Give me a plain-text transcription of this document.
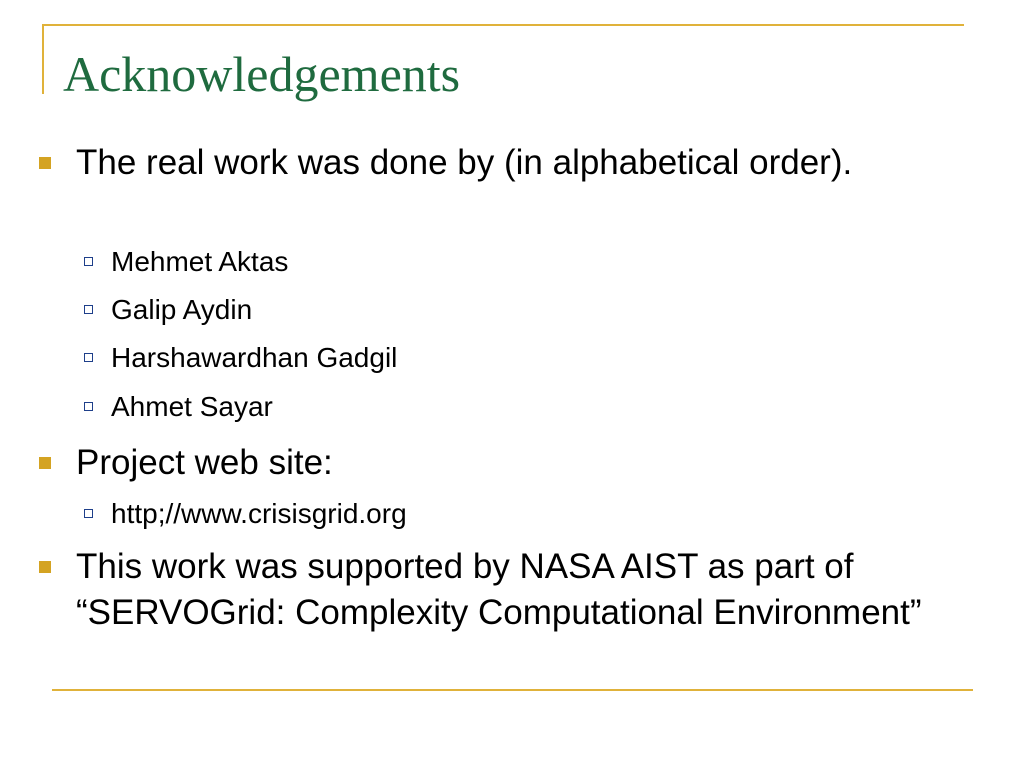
Acknowledgements
The real work was done by (in alphabetical order).
Mehmet Aktas
Galip Aydin
Harshawardhan Gadgil
Ahmet Sayar
Project web site:
http;//www.crisisgrid.org
This work was supported by NASA AIST as part of “SERVOGrid: Complexity Computational Environment”
